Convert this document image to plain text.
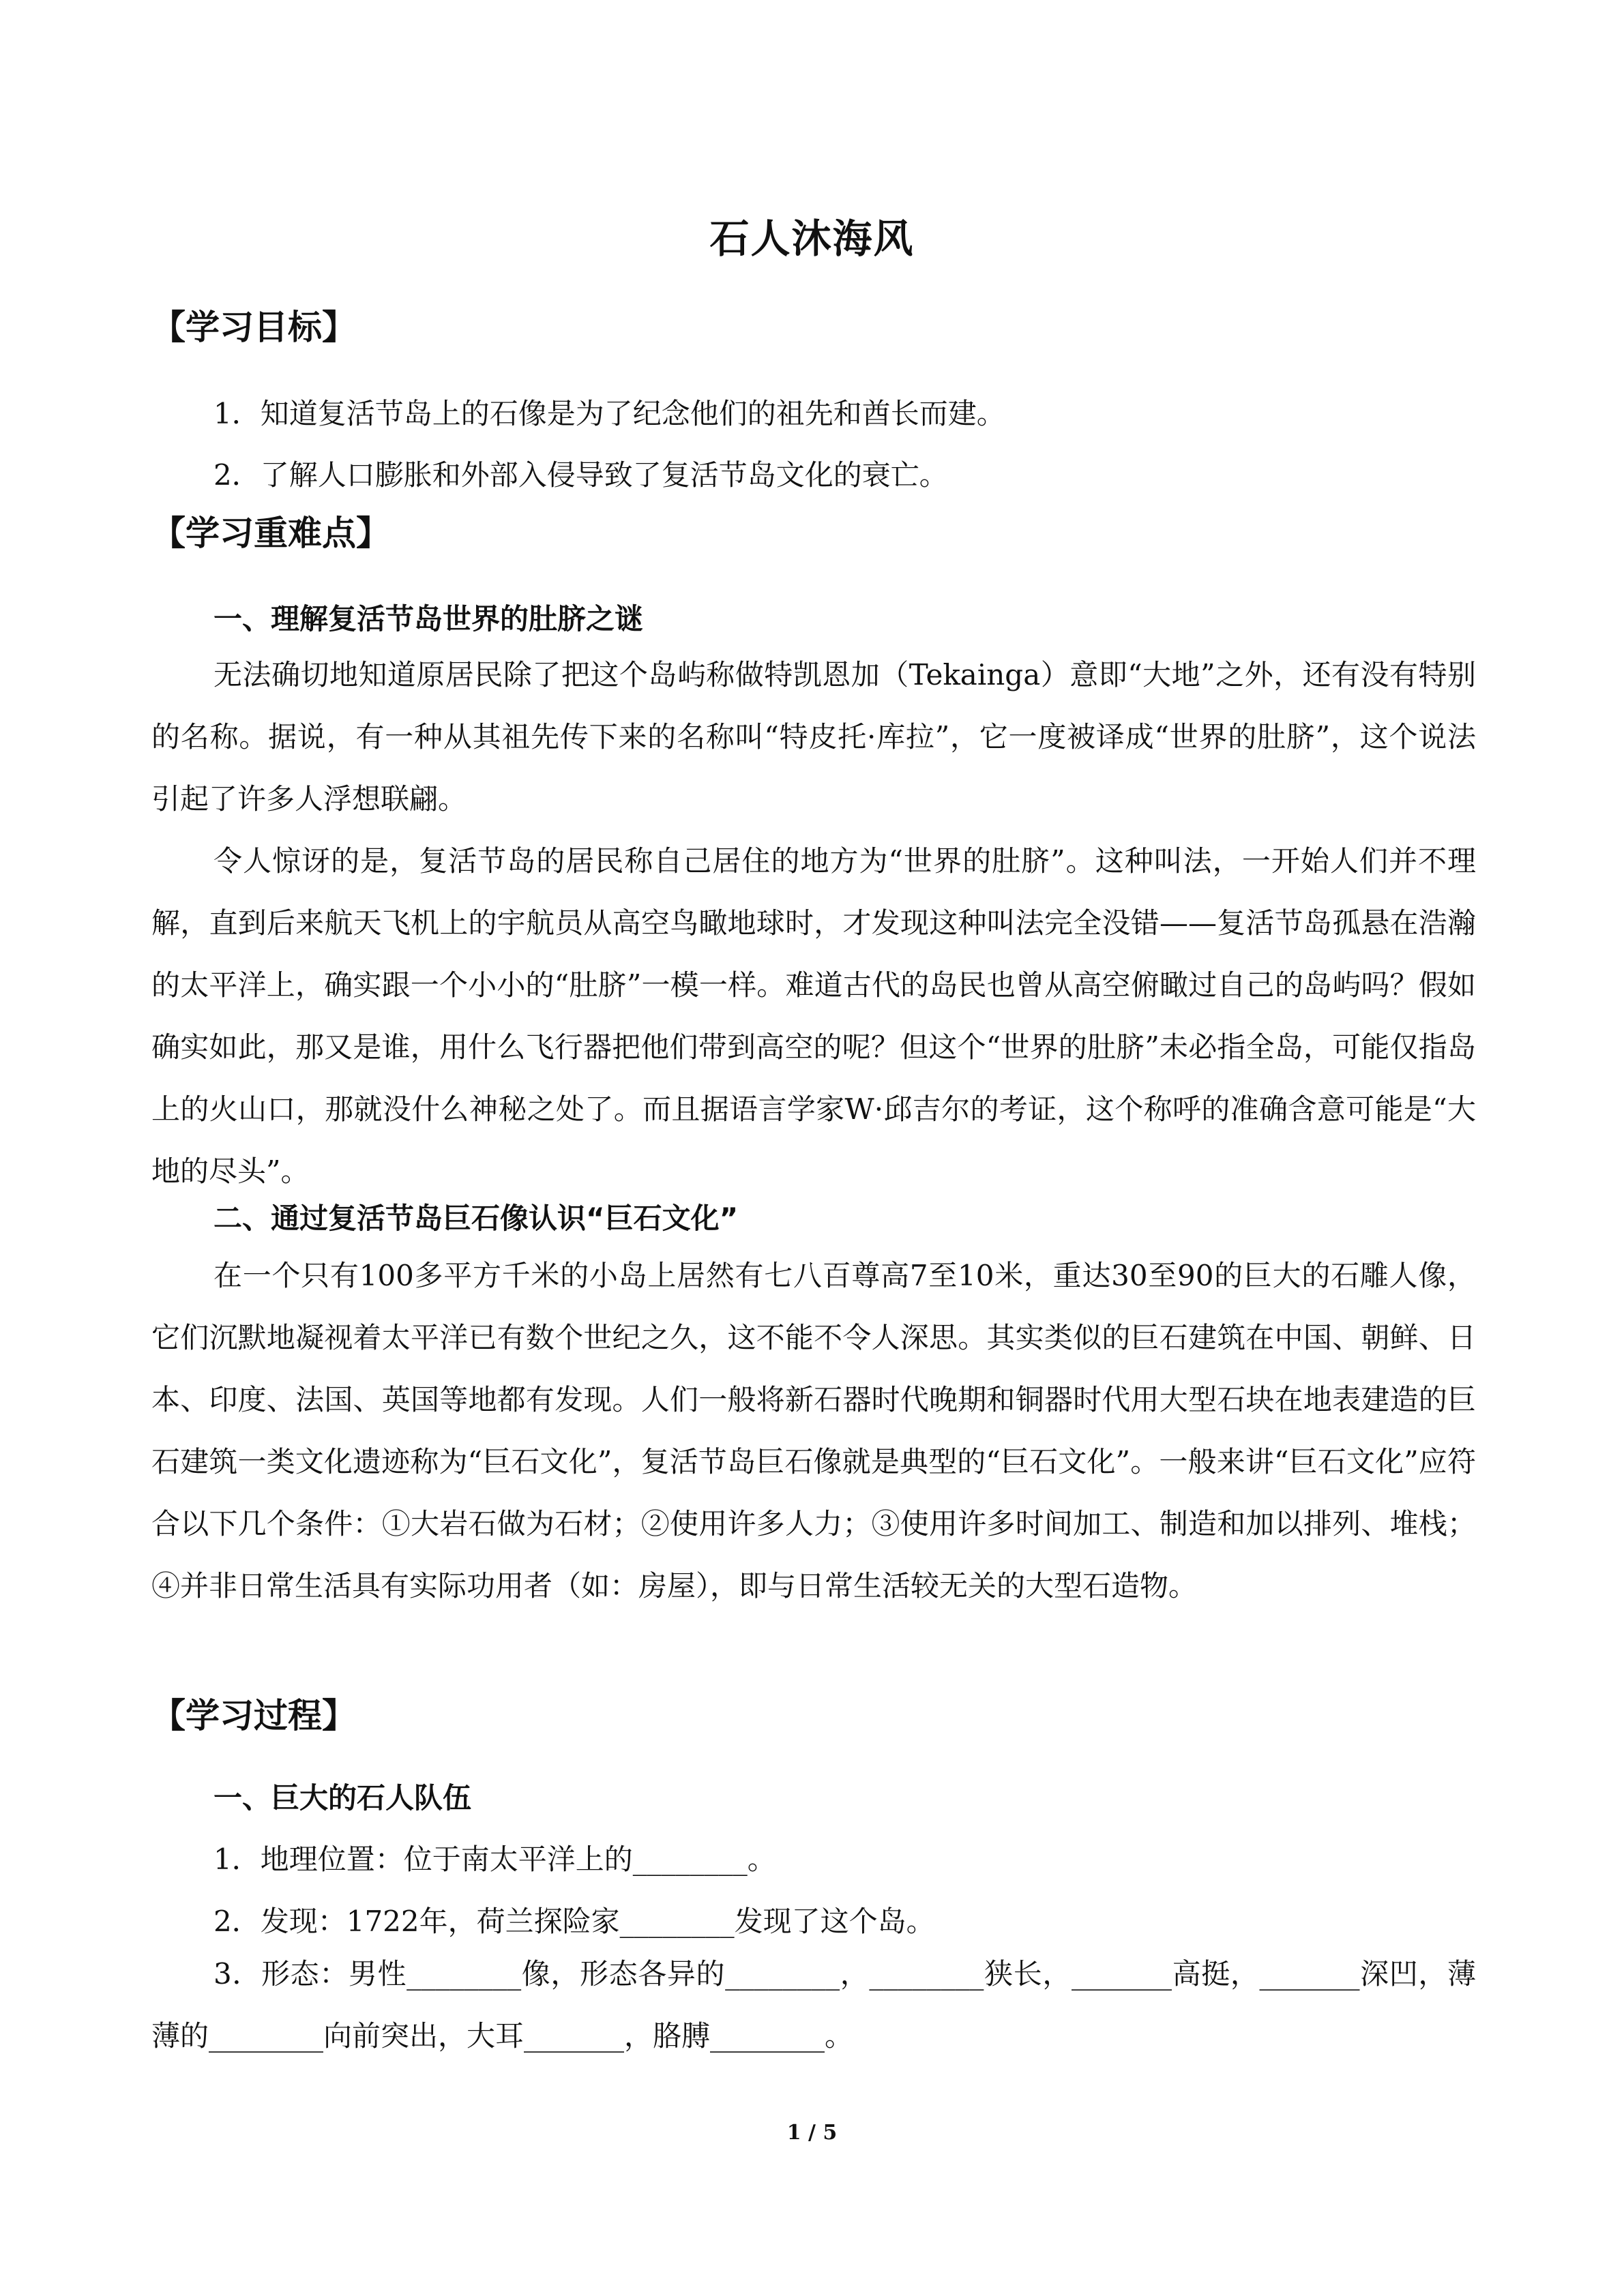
石人沐海风
【学习目标】
1．知道复活节岛上的石像是为了纪念他们的祖先和酋长而建。
2．了解人口膨胀和外部入侵导致了复活节岛文化的衰亡。
【学习重难点】
一、理解复活节岛世界的肚脐之谜
无法确切地知道原居民除了把这个岛屿称做特凯恩加（Tekainga）意即“大地”之外，还有没有特别的名称。据说，有一种从其祖先传下来的名称叫“特皮托·库拉”，它一度被译成“世界的肚脐”，这个说法引起了许多人浮想联翩。
令人惊讶的是，复活节岛的居民称自己居住的地方为“世界的肚脐”。这种叫法，一开始人们并不理解，直到后来航天飞机上的宇航员从高空鸟瞰地球时，才发现这种叫法完全没错——复活节岛孤悬在浩瀚的太平洋上，确实跟一个小小的“肚脐”一模一样。难道古代的岛民也曾从高空俯瞰过自己的岛屿吗？假如确实如此，那又是谁，用什么飞行器把他们带到高空的呢？但这个“世界的肚脐”未必指全岛，可能仅指岛上的火山口，那就没什么神秘之处了。而且据语言学家W·邱吉尔的考证，这个称呼的准确含意可能是“大地的尽头”。
二、通过复活节岛巨石像认识“巨石文化”
在一个只有100多平方千米的小岛上居然有七八百尊高7至10米，重达30至90的巨大的石雕人像，它们沉默地凝视着太平洋已有数个世纪之久，这不能不令人深思。其实类似的巨石建筑在中国、朝鲜、日本、印度、法国、英国等地都有发现。人们一般将新石器时代晚期和铜器时代用大型石块在地表建造的巨石建筑一类文化遗迹称为“巨石文化”，复活节岛巨石像就是典型的“巨石文化”。一般来讲“巨石文化”应符合以下几个条件：①大岩石做为石材；②使用许多人力；③使用许多时间加工、制造和加以排列、堆栈；④并非日常生活具有实际功用者（如：房屋），即与日常生活较无关的大型石造物。
【学习过程】
一、巨大的石人队伍
1．地理位置：位于南太平洋上的________。
2．发现：1722年，荷兰探险家________发现了这个岛。
3．形态：男性________像，形态各异的________，________狭长，_______高挺，_______深凹，薄薄的________向前突出，大耳_______，胳膊________。
1 / 5
